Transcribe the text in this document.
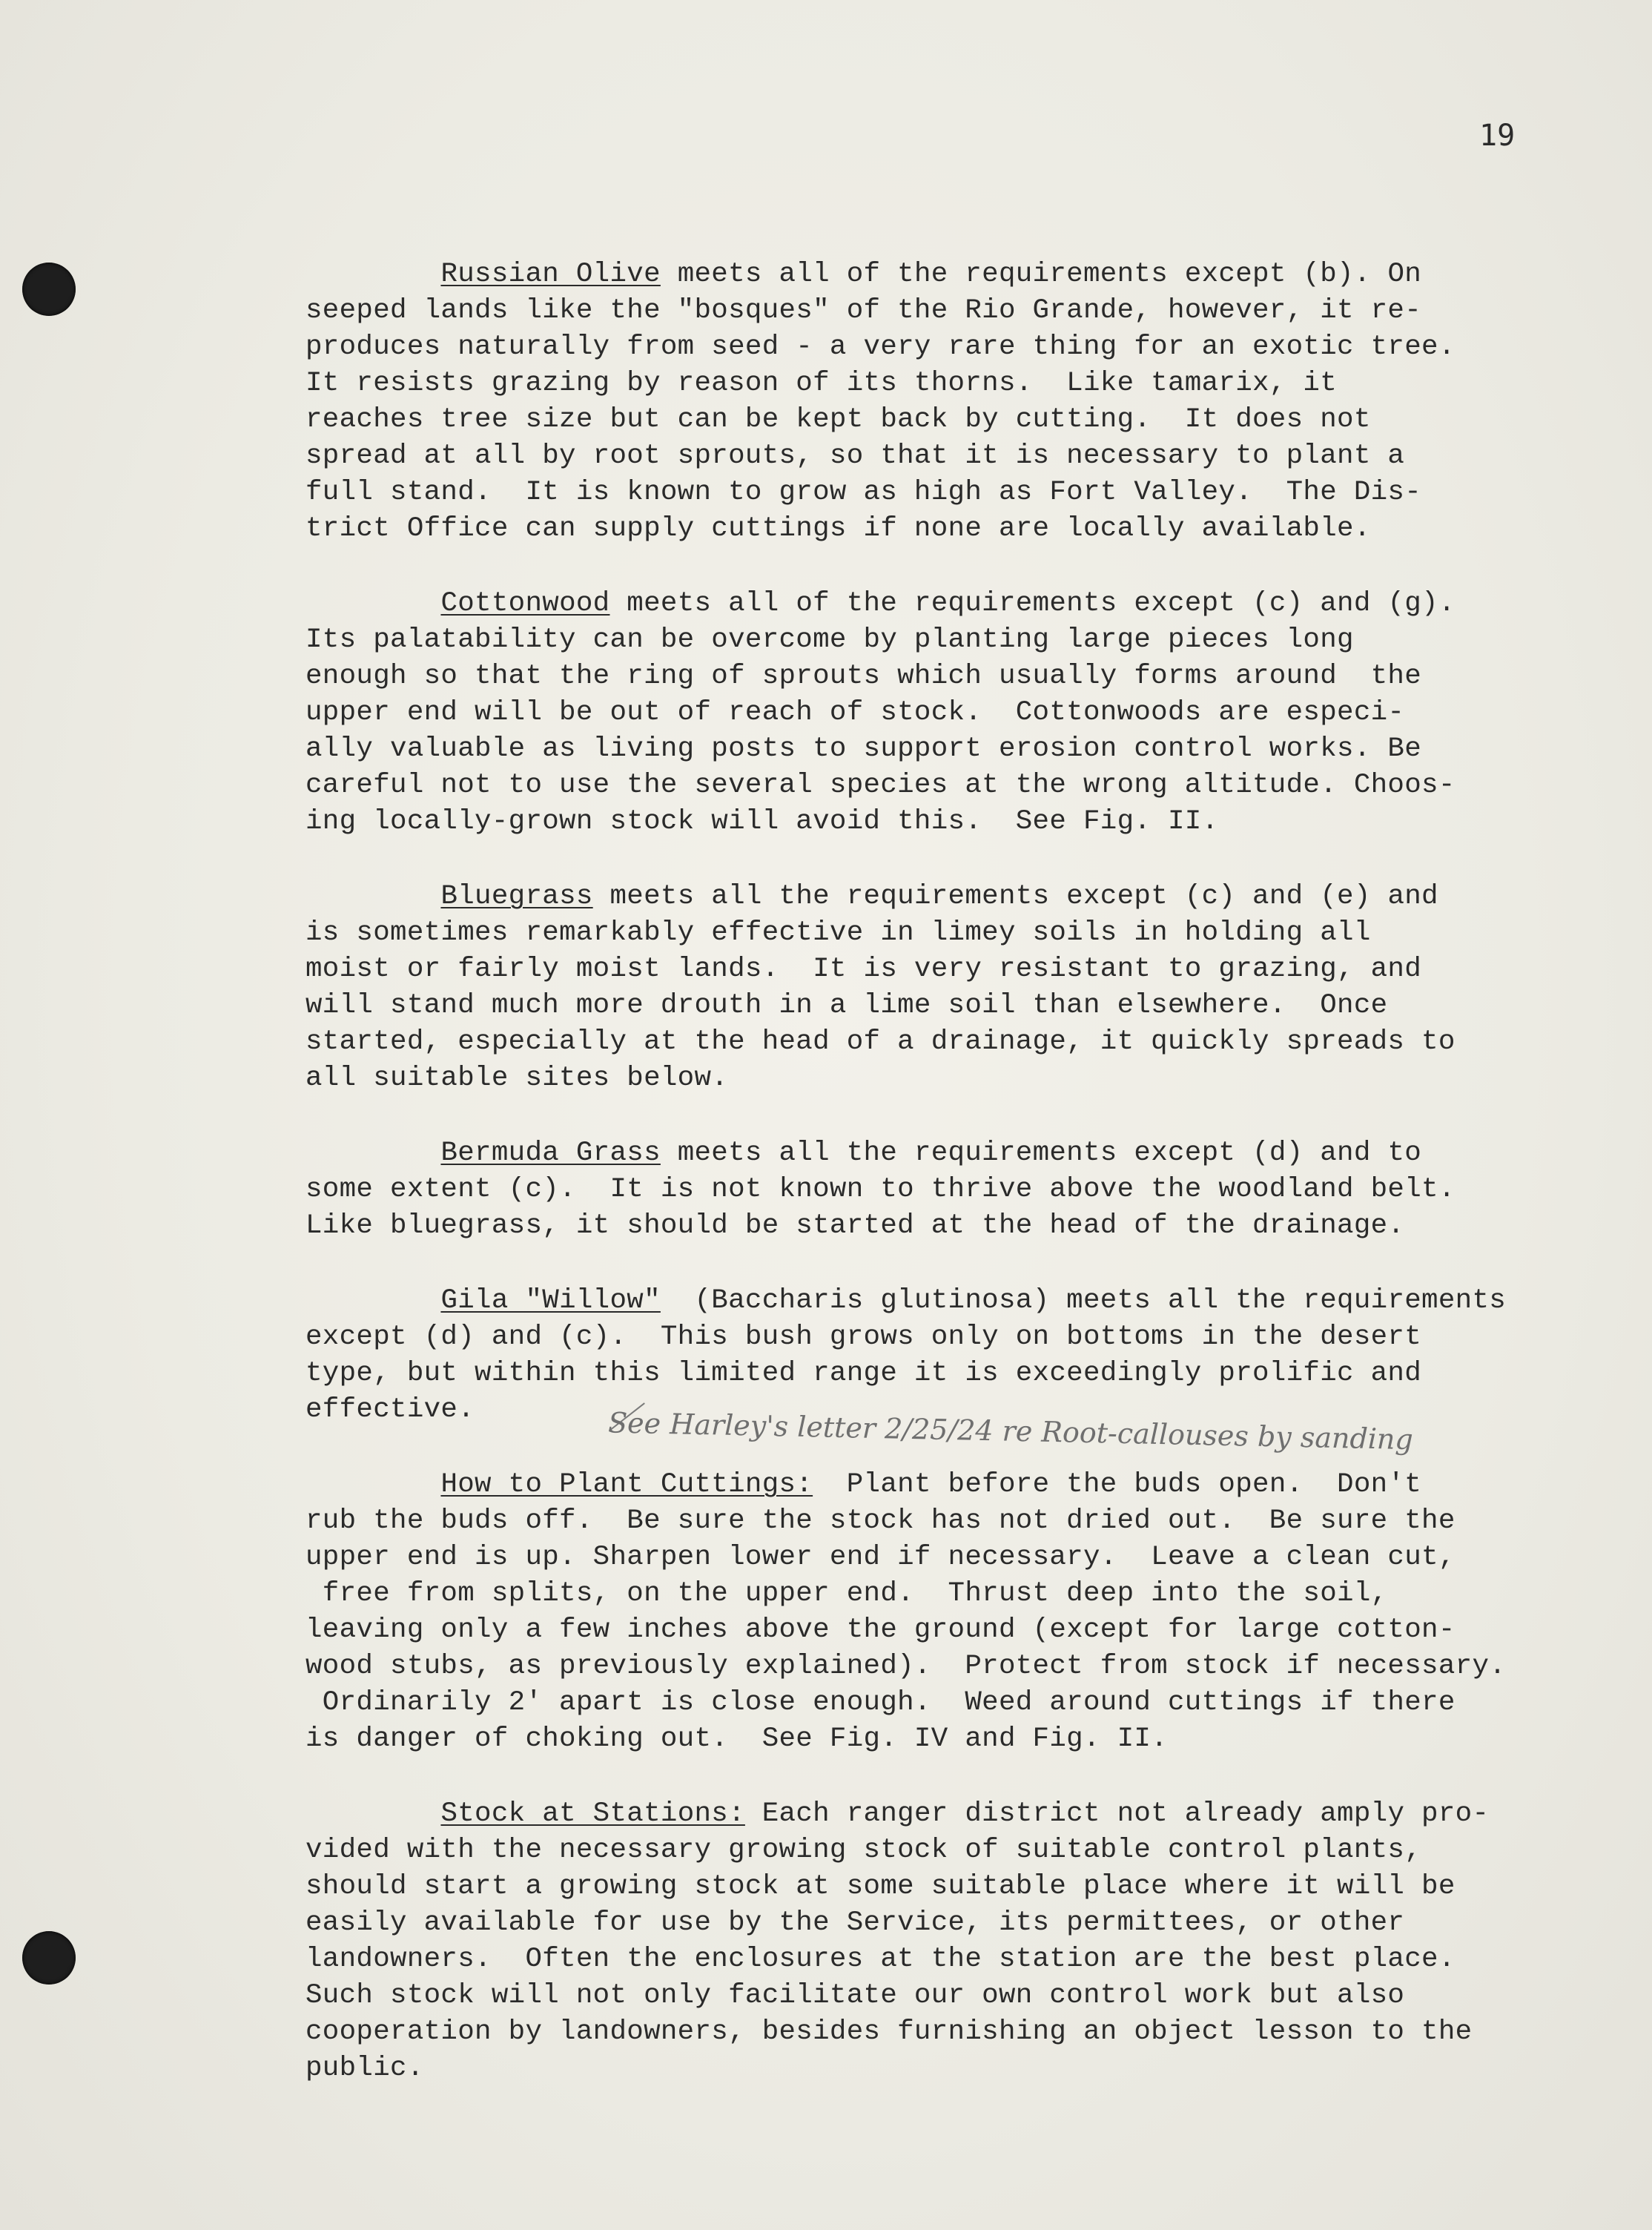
19
Russian Olive meets all of the requirements except (b). On
seeped lands like the "bosques" of the Rio Grande, however, it re-
produces naturally from seed - a very rare thing for an exotic tree.
It resists grazing by reason of its thorns.  Like tamarix, it
reaches tree size but can be kept back by cutting.  It does not
spread at all by root sprouts, so that it is necessary to plant a
full stand.  It is known to grow as high as Fort Valley.  The Dis-
trict Office can supply cuttings if none are locally available.
Cottonwood meets all of the requirements except (c) and (g).
Its palatability can be overcome by planting large pieces long
enough so that the ring of sprouts which usually forms around  the
upper end will be out of reach of stock.  Cottonwoods are especi-
ally valuable as living posts to support erosion control works. Be
careful not to use the several species at the wrong altitude. Choos-
ing locally-grown stock will avoid this.  See Fig. II.
Bluegrass meets all the requirements except (c) and (e) and
is sometimes remarkably effective in limey soils in holding all
moist or fairly moist lands.  It is very resistant to grazing, and
will stand much more drouth in a lime soil than elsewhere.  Once
started, especially at the head of a drainage, it quickly spreads to
all suitable sites below.
Bermuda Grass meets all the requirements except (d) and to
some extent (c).  It is not known to thrive above the woodland belt.
Like bluegrass, it should be started at the head of the drainage.
Gila "Willow"  (Baccharis glutinosa) meets all the requirements
except (d) and (c).  This bush grows only on bottoms in the desert
type, but within this limited range it is exceedingly prolific and
effective.
How to Plant Cuttings:  Plant before the buds open.  Don't
rub the buds off.  Be sure the stock has not dried out.  Be sure the
upper end is up. Sharpen lower end if necessary.  Leave a clean cut,
free from splits, on the upper end.  Thrust deep into the soil,
leaving only a few inches above the ground (except for large cotton-
wood stubs, as previously explained).  Protect from stock if necessary.
Ordinarily 2' apart is close enough.  Weed around cuttings if there
is danger of choking out.  See Fig. IV and Fig. II.
Stock at Stations: Each ranger district not already amply pro-
vided with the necessary growing stock of suitable control plants,
should start a growing stock at some suitable place where it will be
easily available for use by the Service, its permittees, or other
landowners.  Often the enclosures at the station are the best place.
Such stock will not only facilitate our own control work but also
cooperation by landowners, besides furnishing an object lesson to the
public.
See Harley's letter 2/25/24 re Root-callouses by sanding
